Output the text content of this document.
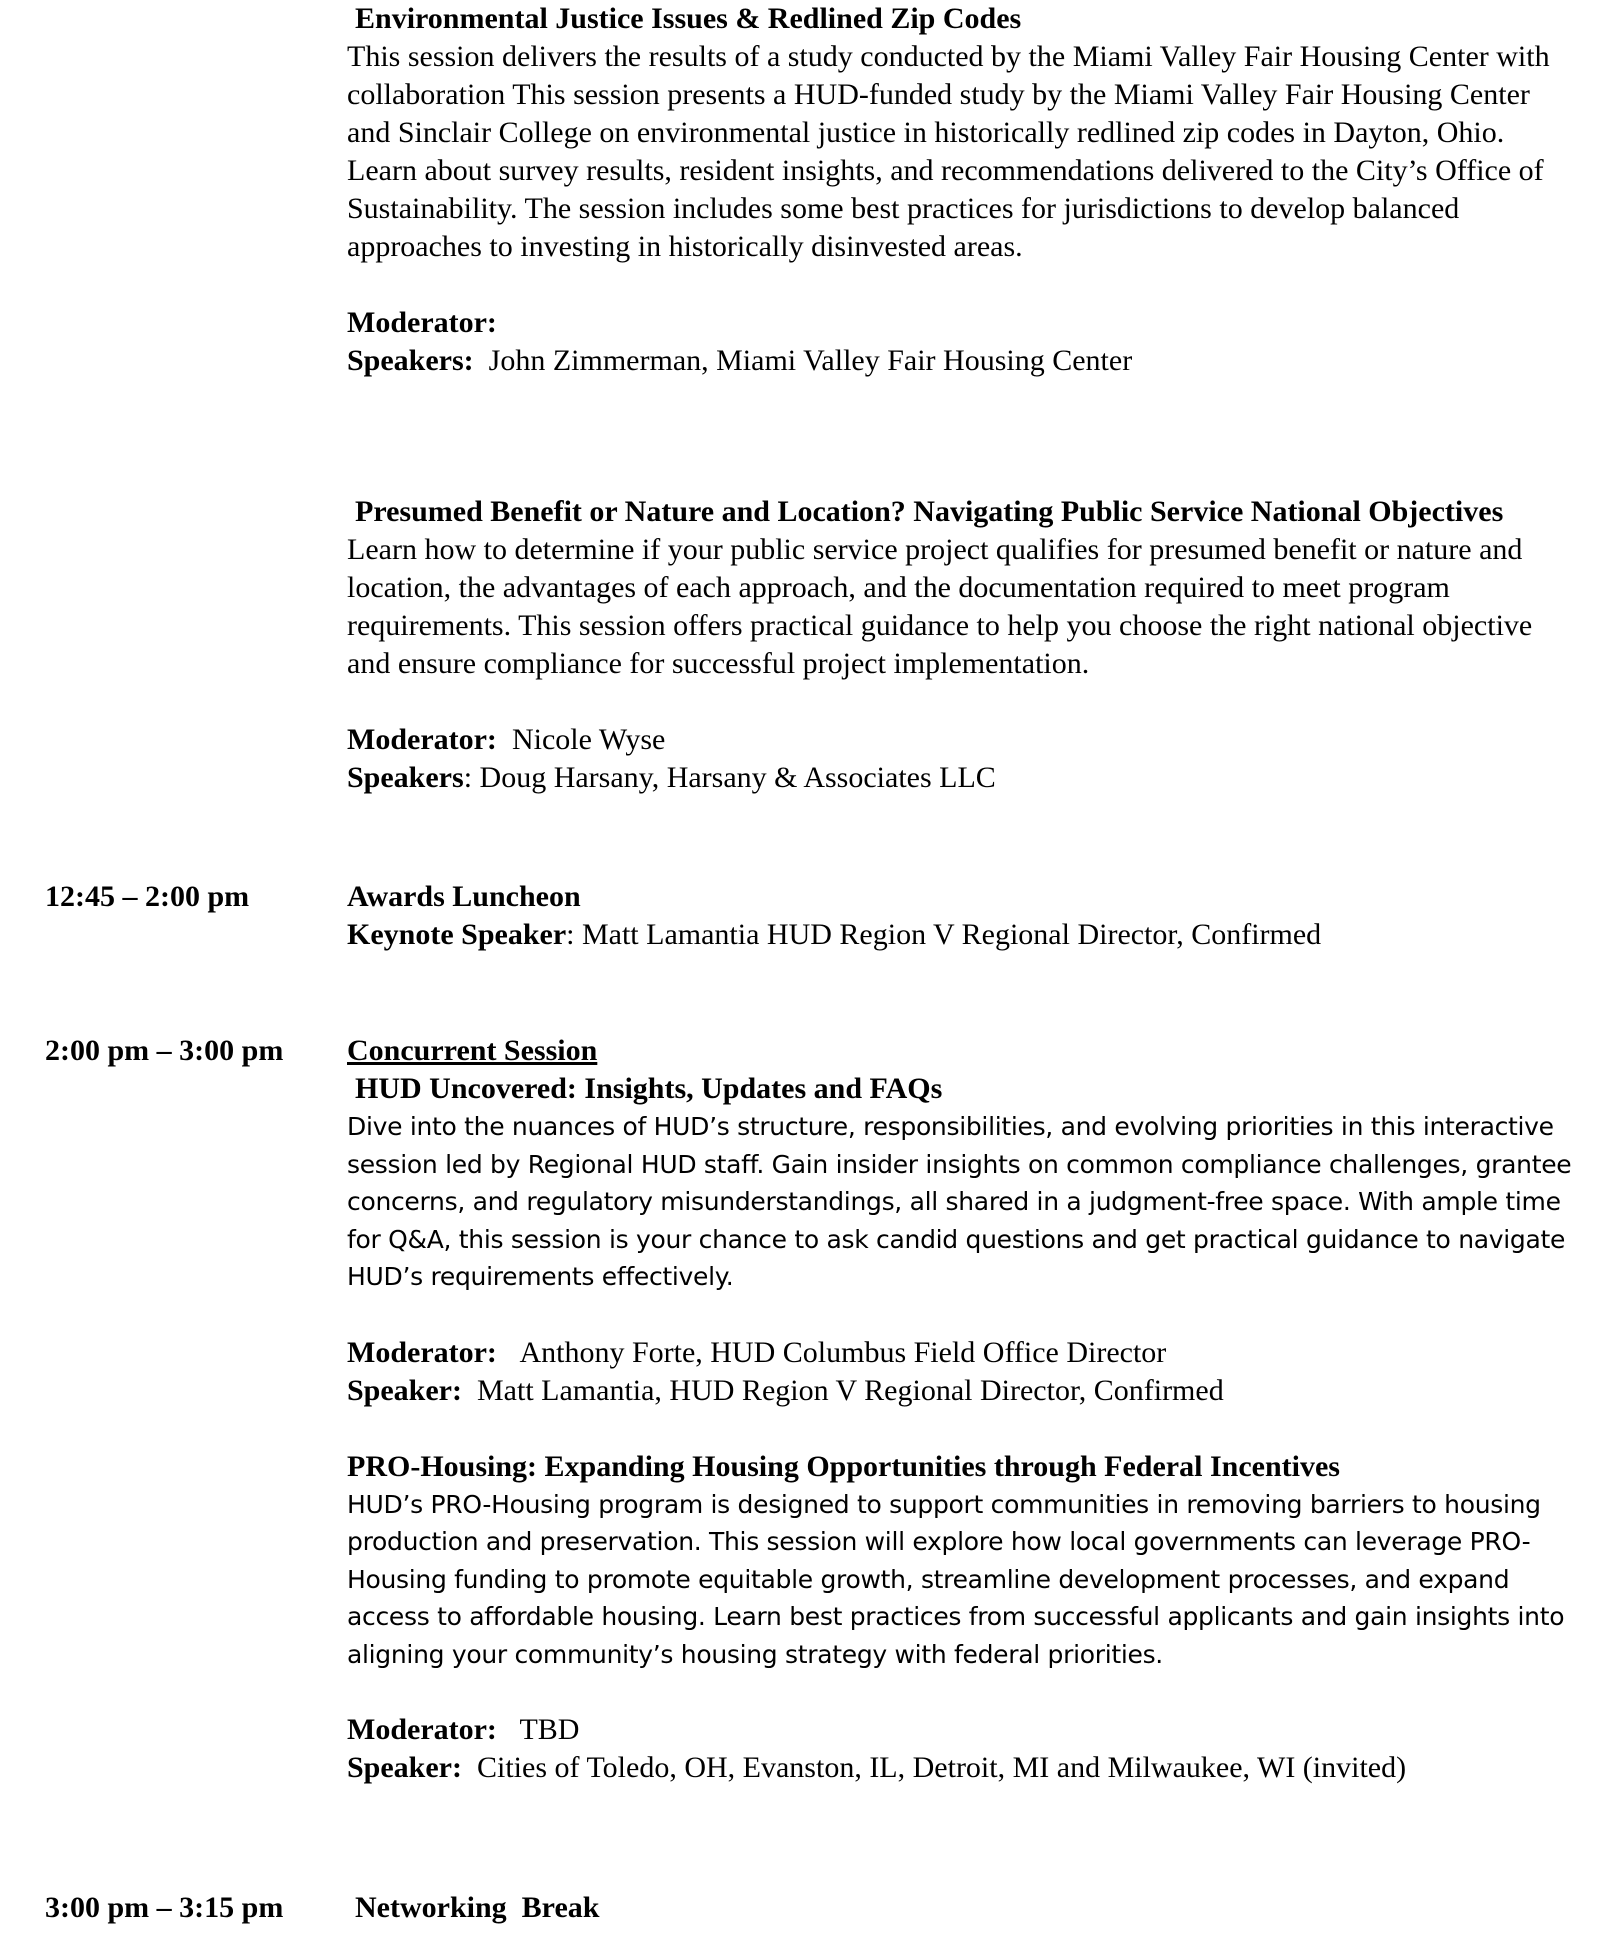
Environmental Justice Issues & Redlined Zip Codes

This session delivers the results of a study conducted by the Miami Valley Fair Housing Center with collaboration This session presents a HUD-funded study by the Miami Valley Fair Housing Center and Sinclair College on environmental justice in historically redlined zip codes in Dayton, Ohio. Learn about survey results, resident insights, and recommendations delivered to the City’s Office of Sustainability. The session includes some best practices for jurisdictions to develop balanced approaches to investing in historically disinvested areas.

Moderator:
Speakers: John Zimmerman, Miami Valley Fair Housing Center
Presumed Benefit or Nature and Location? Navigating Public Service National Objectives

Learn how to determine if your public service project qualifies for presumed benefit or nature and location, the advantages of each approach, and the documentation required to meet program requirements. This session offers practical guidance to help you choose the right national objective and ensure compliance for successful project implementation.

Moderator: Nicole Wyse
Speakers: Doug Harsany, Harsany & Associates LLC
12:45 – 2:00 pm	Awards Luncheon
Keynote Speaker: Matt Lamantia HUD Region V Regional Director, Confirmed
2:00 pm – 3:00 pm Concurrent Session
HUD Uncovered: Insights, Updates and FAQs

Dive into the nuances of HUD’s structure, responsibilities, and evolving priorities in this interactive session led by Regional HUD staff. Gain insider insights on common compliance challenges, grantee concerns, and regulatory misunderstandings, all shared in a judgment-free space. With ample time for Q&A, this session is your chance to ask candid questions and get practical guidance to navigate HUD’s requirements effectively.

Moderator: Anthony Forte, HUD Columbus Field Office Director
Speaker: Matt Lamantia, HUD Region V Regional Director, Confirmed
PRO-Housing: Expanding Housing Opportunities through Federal Incentives

HUD’s PRO-Housing program is designed to support communities in removing barriers to housing production and preservation. This session will explore how local governments can leverage PRO-Housing funding to promote equitable growth, streamline development processes, and expand access to affordable housing. Learn best practices from successful applicants and gain insights into aligning your community’s housing strategy with federal priorities.

Moderator: TBD
Speaker: Cities of Toledo, OH, Evanston, IL, Detroit, MI and Milwaukee, WI (invited)
3:00 pm – 3:15 pm Networking  Break
